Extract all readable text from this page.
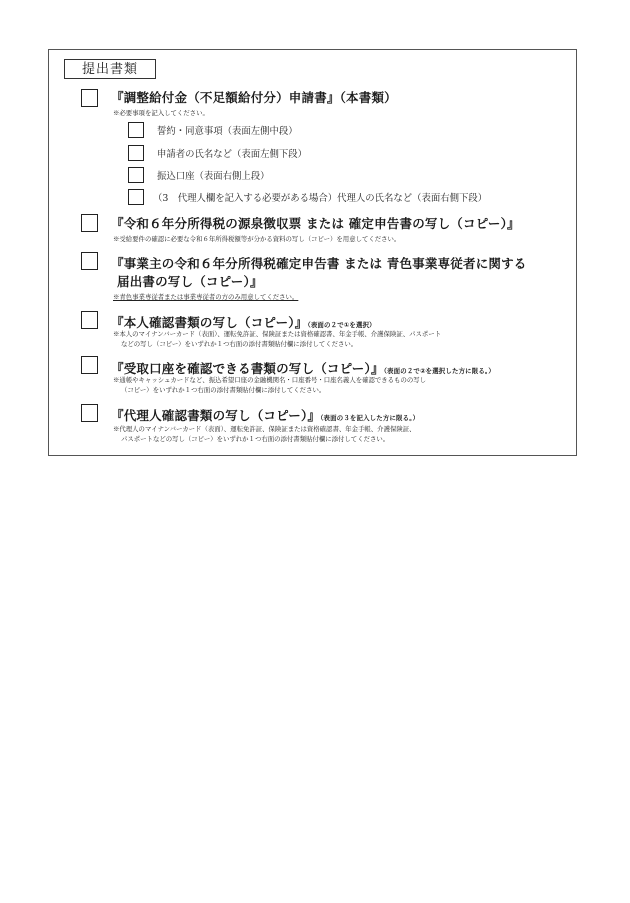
提出書類
『調整給付金（不足額給付分）申請書』（本書類）
※必要事項を記入してください。
誓約・同意事項（表面左側中段）
申請者の氏名など（表面左側下段）
振込口座（表面右側上段）
（3　代理人欄を記入する必要がある場合）代理人の氏名など（表面右側下段）
『令和６年分所得税の源泉徴収票 または 確定申告書の写し（コピー）』
※受給要件の確認に必要な令和６年所得税額等が分かる資料の写し（コピー）を用意してください。
『事業主の令和６年分所得税確定申告書 または 青色事業専従者に関する
届出書の写し（コピー）』
※青色事業専従者または事業専従者の方のみ用意してください。
『本人確認書類の写し（コピー）』（表面の２で①を選択）
※本人のマイナンバーカード（表面）、運転免許証、保険証または資格確認書、年金手帳、介護保険証、パスポート
などの写し（コピー）をいずれか１つ右面の添付書類貼付欄に添付してください。
『受取口座を確認できる書類の写し（コピー）』（表面の２で②を選択した方に限る。）
※通帳やキャッシュカードなど、振込希望口座の金融機関名・口座番号・口座名義人を確認できるものの写し
（コピー）をいずれか１つ右面の添付書類貼付欄に添付してください。
『代理人確認書類の写し（コピー）』（表面の３を記入した方に限る。）
※代理人のマイナンバーカード（表面）、運転免許証、保険証または資格確認書、年金手帳、介護保険証、
パスポートなどの写し（コピー）をいずれか１つ右面の添付書類貼付欄に添付してください。
